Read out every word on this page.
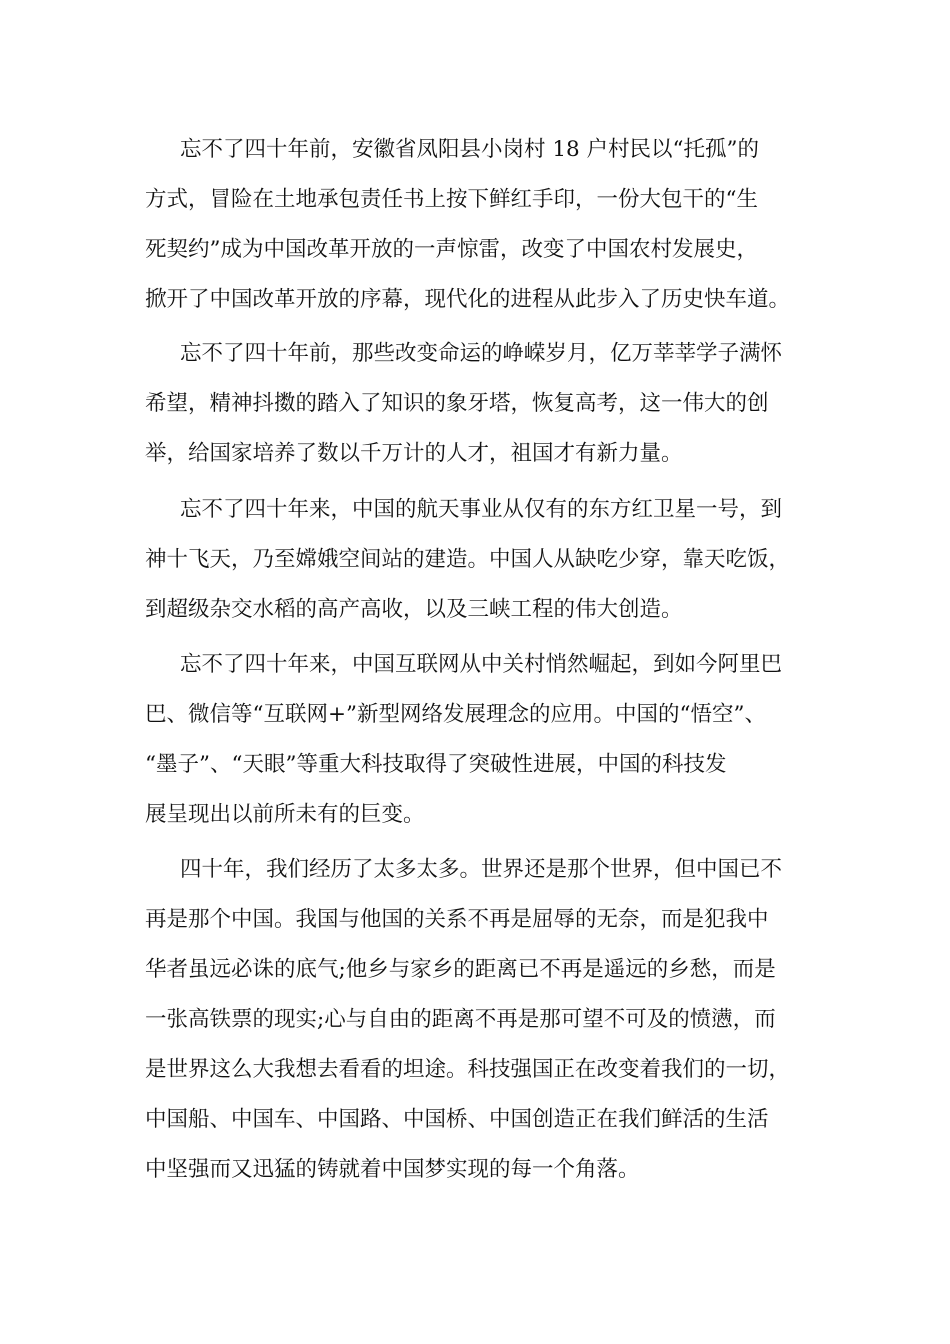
忘不了四十年前，安徽省凤阳县小岗村 18 户村民以“托孤”的

方式，冒险在土地承包责任书上按下鲜红手印，一份大包干的“生

死契约”成为中国改革开放的一声惊雷，改变了中国农村发展史，

掀开了中国改革开放的序幕，现代化的进程从此步入了历史快车道。

忘不了四十年前，那些改变命运的峥嵘岁月，亿万莘莘学子满怀

希望，精神抖擞的踏入了知识的象牙塔，恢复高考，这一伟大的创

举，给国家培养了数以千万计的人才，祖国才有新力量。

忘不了四十年来，中国的航天事业从仅有的东方红卫星一号，到

神十飞天，乃至嫦娥空间站的建造。中国人从缺吃少穿，靠天吃饭，

到超级杂交水稻的高产高收，以及三峡工程的伟大创造。

忘不了四十年来，中国互联网从中关村悄然崛起，到如今阿里巴

巴、微信等“互联网+”新型网络发展理念的应用。中国的“悟空”、

“墨子”、“天眼”等重大科技取得了突破性进展，中国的科技发

展呈现出以前所未有的巨变。

四十年，我们经历了太多太多。世界还是那个世界，但中国已不

再是那个中国。我国与他国的关系不再是屈辱的无奈，而是犯我中

华者虽远必诛的底气;他乡与家乡的距离已不再是遥远的乡愁，而是

一张高铁票的现实;心与自由的距离不再是那可望不可及的愤懑，而

是世界这么大我想去看看的坦途。科技强国正在改变着我们的一切，

中国船、中国车、中国路、中国桥、中国创造正在我们鲜活的生活

中坚强而又迅猛的铸就着中国梦实现的每一个角落。
